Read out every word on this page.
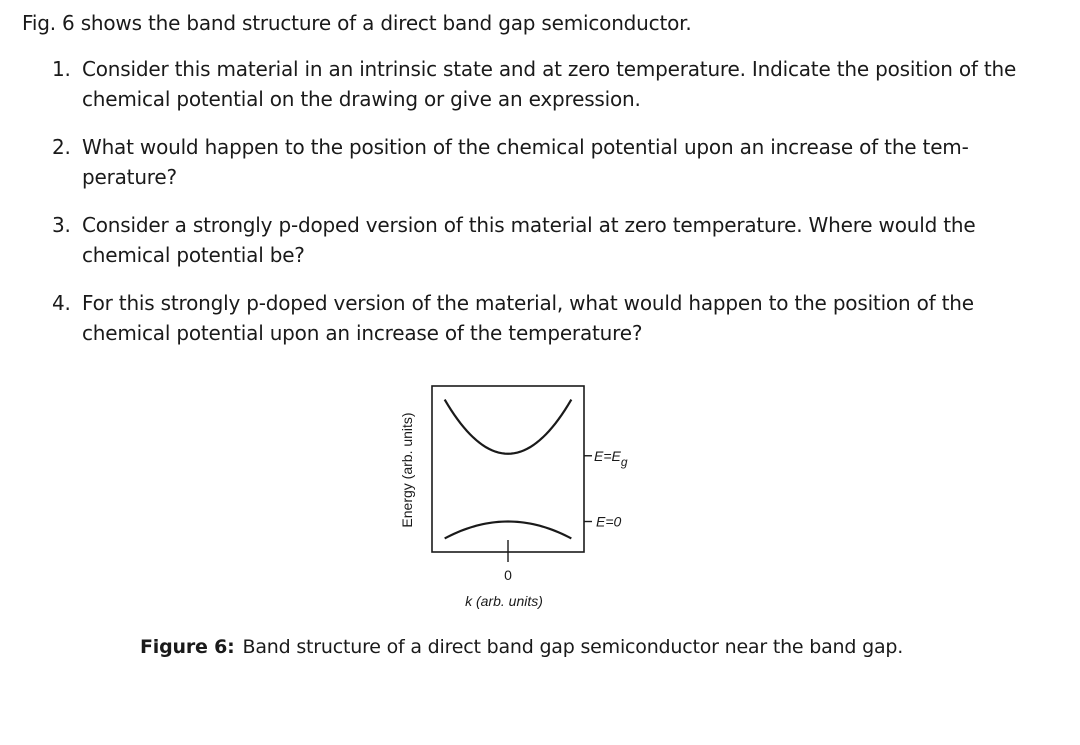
Fig. 6 shows the band structure of a direct band gap semiconductor.
1. Consider this material in an intrinsic state and at zero temperature. Indicate the position of the chemical potential on the drawing or give an expression.
2. What would happen to the position of the chemical potential upon an increase of the tem- perature?
3. Consider a strongly p-doped version of this material at zero temperature. Where would the chemical potential be?
4. For this strongly p-doped version of the material, what would happen to the position of the chemical potential upon an increase of the temperature?
Energy (arb. units)
k (arb. units)
0
E=Eg
E=0
Figure 6: Band structure of a direct band gap semiconductor near the band gap.
